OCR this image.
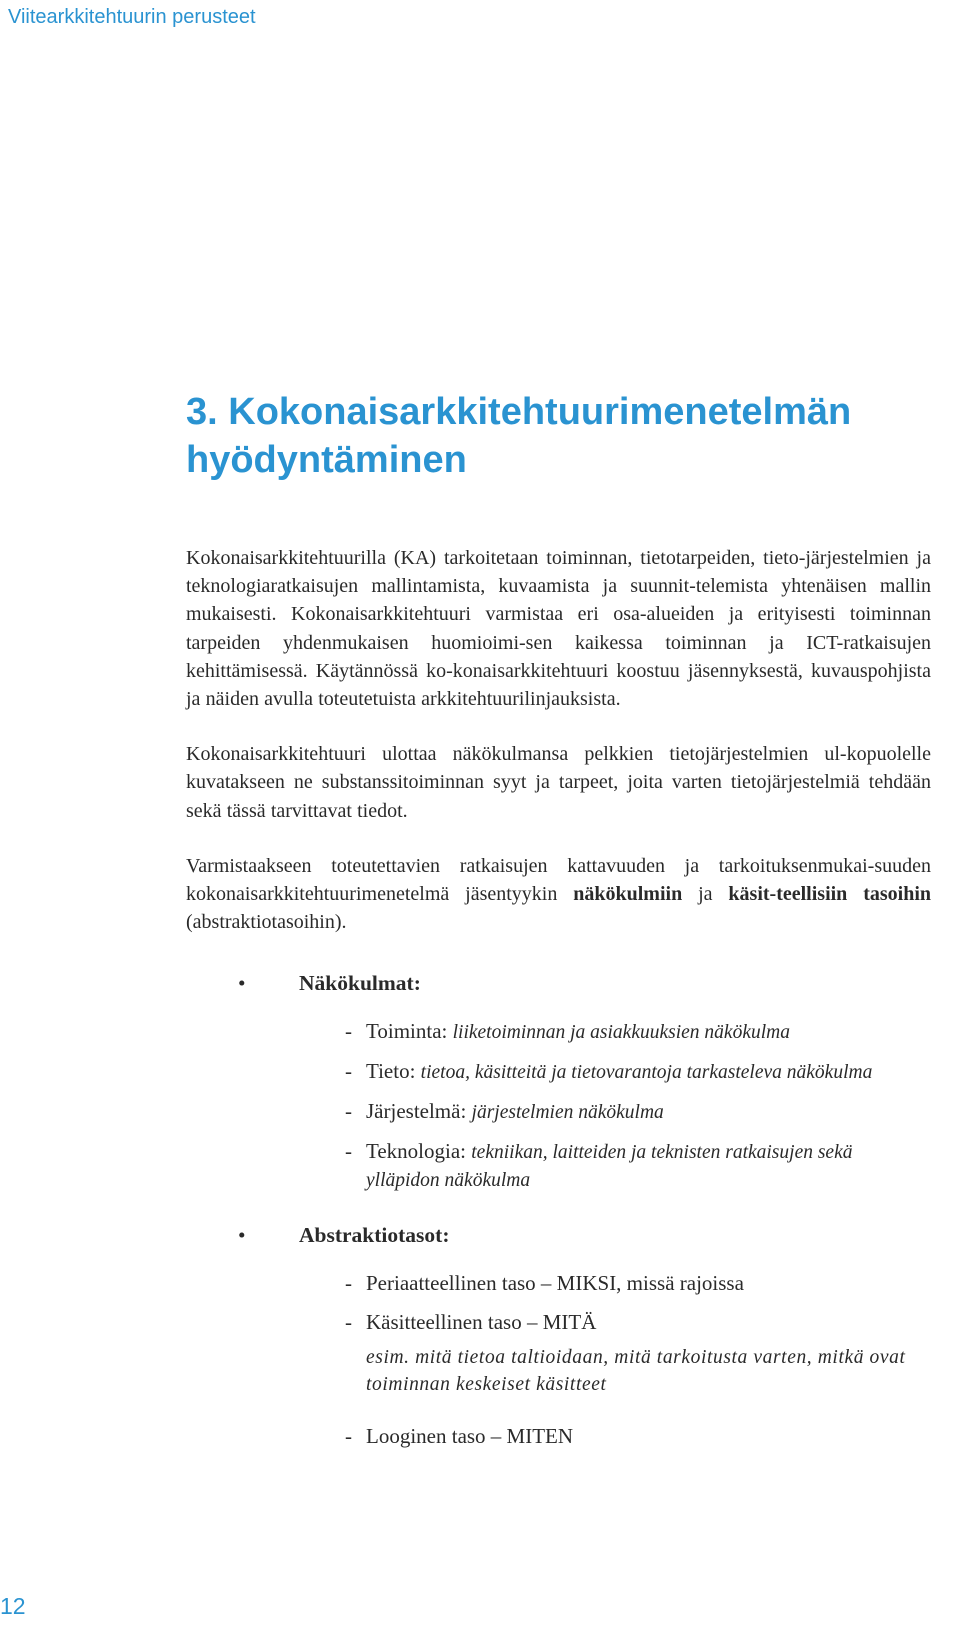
Viitearkkitehtuurin perusteet
3. Kokonaisarkkitehtuurimenetelmän
hyödyntäminen

Kokonaisarkkitehtuurilla (KA) tarkoitetaan toiminnan, tietotarpeiden, tieto-järjestelmien ja teknologiaratkaisujen mallintamista, kuvaamista ja suunnit-telemista yhtenäisen mallin mukaisesti. Kokonaisarkkitehtuuri varmistaa eri osa-alueiden ja erityisesti toiminnan tarpeiden yhdenmukaisen huomioimi-sen kaikessa toiminnan ja ICT-ratkaisujen kehittämisessä. Käytännössä ko-konaisarkkitehtuuri koostuu jäsennyksestä, kuvauspohjista ja näiden avulla toteutetuista arkkitehtuurilinjauksista.

Kokonaisarkkitehtuuri ulottaa näkökulmansa pelkkien tietojärjestelmien ul-kopuolelle kuvatakseen ne substanssitoiminnan syyt ja tarpeet, joita varten tietojärjestelmiä tehdään sekä tässä tarvittavat tiedot.

Varmistaakseen toteutettavien ratkaisujen kattavuuden ja tarkoituksenmukai-suuden kokonaisarkkitehtuurimenetelmä jäsentyykin näkökulmiin ja käsit-teellisiin tasoihin (abstraktiotasoihin).

• Näkökulmat:
- Toiminta: liiketoiminnan ja asiakkuuksien näkökulma
- Tieto: tietoa, käsitteitä ja tietovarantoja tarkasteleva näkökulma
- Järjestelmä: järjestelmien näkökulma
- Teknologia: tekniikan, laitteiden ja teknisten ratkaisujen sekä ylläpidon näkökulma
• Abstraktiotasot:
- Periaatteellinen taso – MIKSI, missä rajoissa
- Käsitteellinen taso – MITÄ
esim. mitä tietoa taltioidaan, mitä tarkoitusta varten, mitkä ovat toiminnan keskeiset käsitteet
- Looginen taso – MITEN
12
